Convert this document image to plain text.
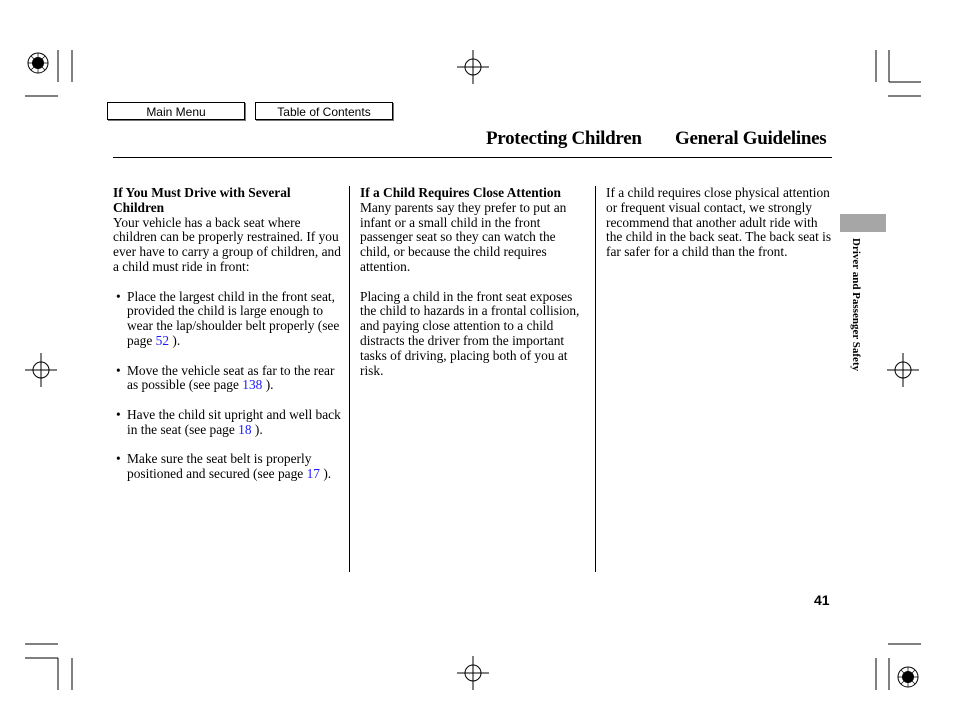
Main Menu	Table of Contents
Protecting Children General Guidelines
If You Must Drive with Several Children

Your vehicle has a back seat where children can be properly restrained. If you ever have to carry a group of children, and a child must ride in front:

• Place the largest child in the front seat, provided the child is large enough to wear the lap/shoulder belt properly (see page 52 ).
• Move the vehicle seat as far to the rear as possible (see page 138 ).
• Have the child sit upright and well back in the seat (see page 18 ).
• Make sure the seat belt is properly positioned and secured (see page 17 ).
If a Child Requires Close Attention

Many parents say they prefer to put an infant or a small child in the front passenger seat so they can watch the child, or because the child requires attention.

Placing a child in the front seat exposes the child to hazards in a frontal collision, and paying close attention to a child distracts the driver from the important tasks of driving, placing both of you at risk.

If a child requires close physical attention or frequent visual contact, we strongly recommend that another adult ride with the child in the back seat. The back seat is far safer for a child than the front.	Driver and Passenger Safety
41
